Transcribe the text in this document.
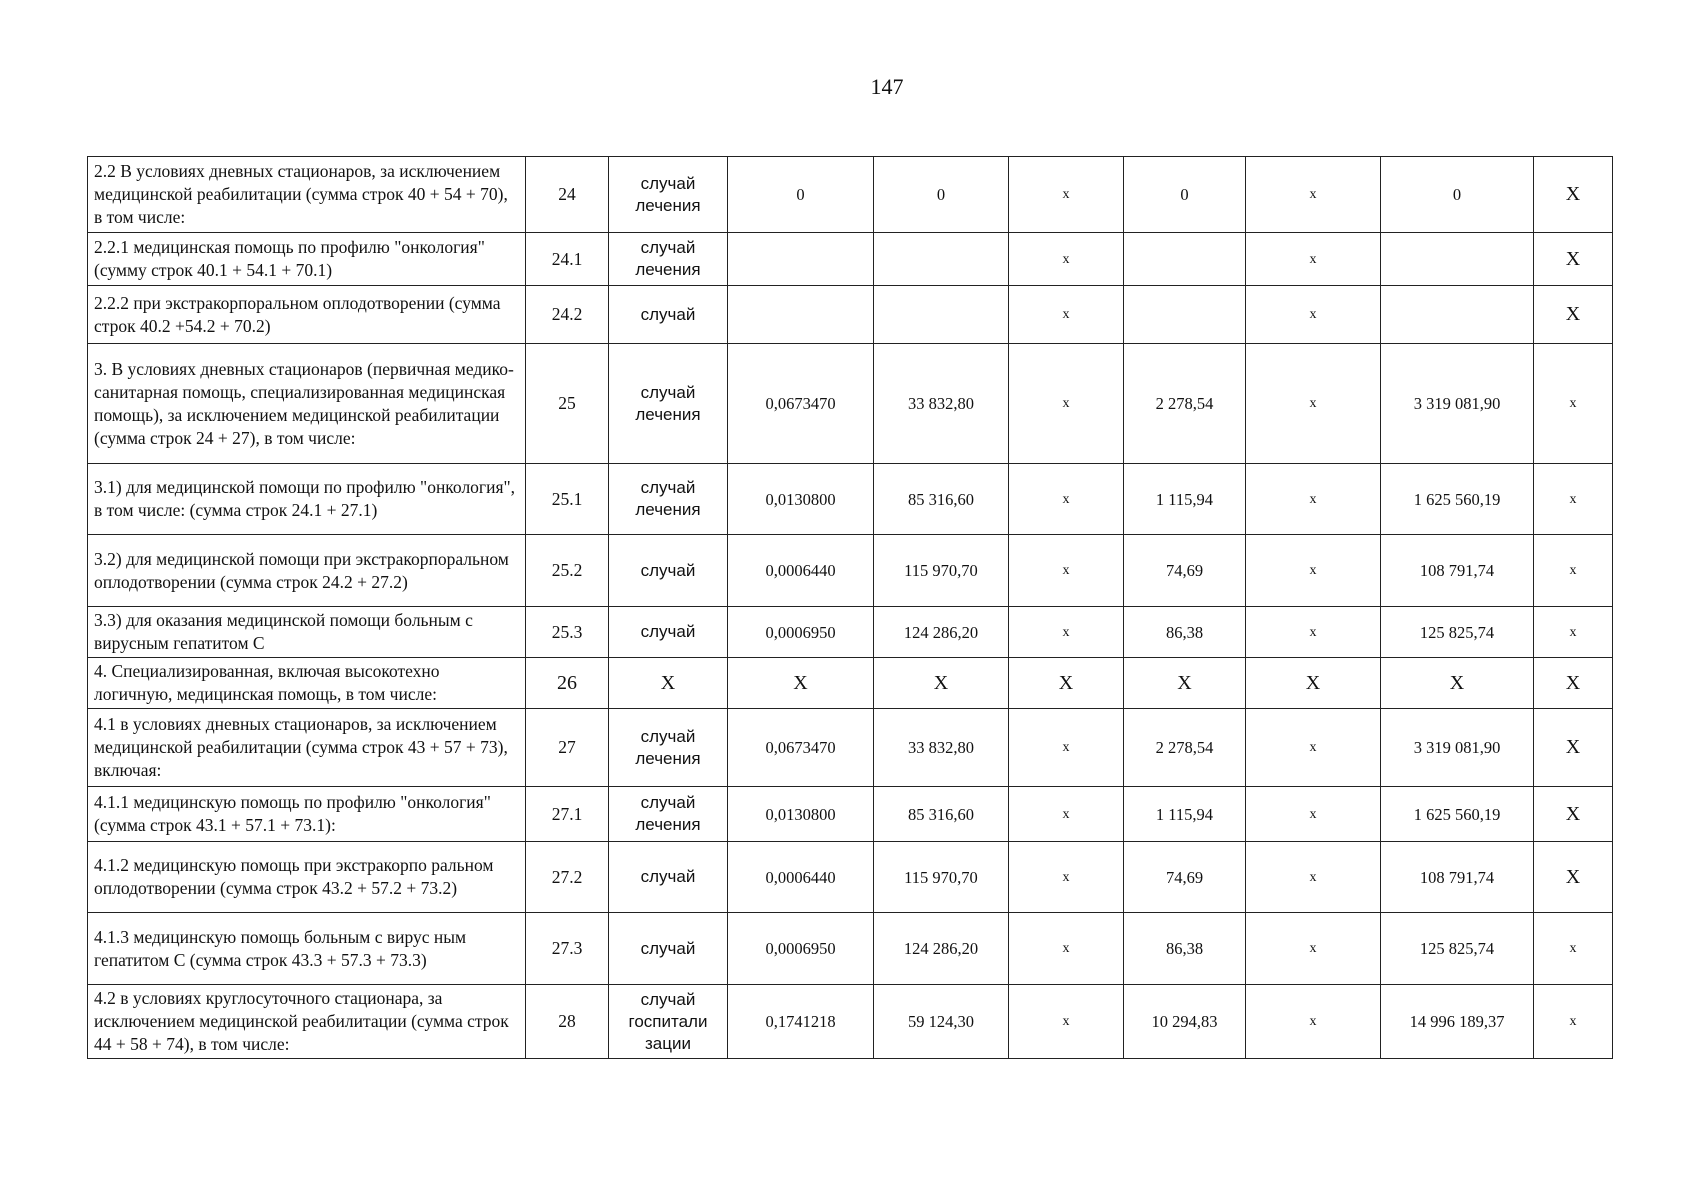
147
2.2 В условиях дневных стационаров, за исключением медицинской реабилитации (сумма строк 40 + 54 + 70), в том числе:	24	случай лечения	0	0	х	0	х	0	Х
2.2.1 медицинская помощь по профилю "онкология" (сумму строк 40.1 + 54.1 + 70.1)	24.1	случай лечения			х		х		Х
2.2.2 при экстракорпоральном оплодотворении (сумма строк 40.2 +54.2 + 70.2)	24.2	случай			х		х		Х
3. В условиях дневных стационаров (первичная медико-санитарная помощь, специализированная медицинская помощь), за исключением медицинской реабилитации (сумма строк 24 + 27), в том числе:	25	случай лечения	0,0673470	33 832,80	х	2 278,54	х	3 319 081,90	х
3.1) для медицинской помощи по профилю "онкология", в том числе: (сумма строк 24.1 + 27.1)	25.1	случай лечения	0,0130800	85 316,60	х	1 115,94	х	1 625 560,19	х
3.2) для медицинской помощи при экстракорпоральном оплодотворении (сумма строк 24.2 + 27.2)	25.2	случай	0,0006440	115 970,70	х	74,69	х	108 791,74	х
3.3) для оказания медицинской помощи больным с вирусным гепатитом С	25.3	случай	0,0006950	124 286,20	х	86,38	х	125 825,74	х
4. Специализированная, включая высокотехно логичную, медицинская помощь, в том числе:	26	Х	Х	Х	Х	Х	Х	Х	Х
4.1 в условиях дневных стационаров, за исключением медицинской реабилитации (сумма строк 43 + 57 + 73), включая:	27	случай лечения	0,0673470	33 832,80	х	2 278,54	х	3 319 081,90	Х
4.1.1 медицинскую помощь по профилю "онкология" (сумма строк 43.1 + 57.1 + 73.1):	27.1	случай лечения	0,0130800	85 316,60	х	1 115,94	х	1 625 560,19	Х
4.1.2 медицинскую помощь при экстракорпо ральном оплодотворении (сумма строк 43.2 + 57.2 + 73.2)	27.2	случай	0,0006440	115 970,70	х	74,69	х	108 791,74	Х
4.1.3 медицинскую помощь больным с вирус ным гепатитом С (сумма строк 43.3 + 57.3 + 73.3)	27.3	случай	0,0006950	124 286,20	х	86,38	х	125 825,74	х
4.2 в условиях круглосуточного стационара, за исключением медицинской реабилитации (сумма строк 44 + 58 + 74), в том числе:	28	случай госпитали зации	0,1741218	59 124,30	х	10 294,83	х	14 996 189,37	х
